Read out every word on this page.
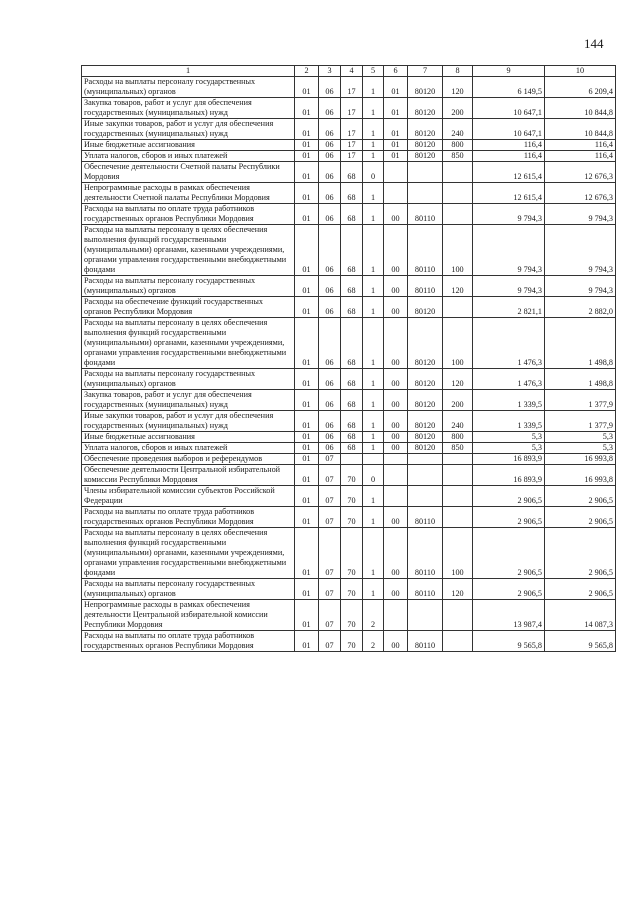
144
1	2	3	4	5	6	7	8	9	10
Расходы на выплаты персоналу государственных (муниципальных) органов	01	06	17	1	01	80120	120	6 149,5	6 209,4
Закупка товаров, работ и услуг для обеспечения государственных (муниципальных) нужд	01	06	17	1	01	80120	200	10 647,1	10 844,8
Иные закупки товаров, работ и услуг для обеспечения государственных (муниципальных) нужд	01	06	17	1	01	80120	240	10 647,1	10 844,8
Иные бюджетные ассигнования	01	06	17	1	01	80120	800	116,4	116,4
Уплата налогов, сборов и иных платежей	01	06	17	1	01	80120	850	116,4	116,4
Обеспечение деятельности Счетной палаты Республики Мордовия	01	06	68	0				12 615,4	12 676,3
Непрограммные расходы в рамках обеспечения деятельности Счетной палаты Республики Мордовия	01	06	68	1				12 615,4	12 676,3
Расходы на выплаты по оплате труда работников государственных органов Республики Мордовия	01	06	68	1	00	80110		9 794,3	9 794,3
Расходы на выплаты персоналу в целях обеспечения выполнения функций государственными (муниципальными) органами, казенными учреждениями, органами управления государственными внебюджетными фондами	01	06	68	1	00	80110	100	9 794,3	9 794,3
Расходы на выплаты персоналу государственных (муниципальных) органов	01	06	68	1	00	80110	120	9 794,3	9 794,3
Расходы на обеспечение функций государственных органов Республики Мордовия	01	06	68	1	00	80120		2 821,1	2 882,0
Расходы на выплаты персоналу в целях обеспечения выполнения функций государственными (муниципальными) органами, казенными учреждениями, органами управления государственными внебюджетными фондами	01	06	68	1	00	80120	100	1 476,3	1 498,8
Расходы на выплаты персоналу государственных (муниципальных) органов	01	06	68	1	00	80120	120	1 476,3	1 498,8
Закупка товаров, работ и услуг для обеспечения государственных (муниципальных) нужд	01	06	68	1	00	80120	200	1 339,5	1 377,9
Иные закупки товаров, работ и услуг для обеспечения государственных (муниципальных) нужд	01	06	68	1	00	80120	240	1 339,5	1 377,9
Иные бюджетные ассигнования	01	06	68	1	00	80120	800	5,3	5,3
Уплата налогов, сборов и иных платежей	01	06	68	1	00	80120	850	5,3	5,3
Обеспечение проведения выборов и референдумов	01	07						16 893,9	16 993,8
Обеспечение деятельности Центральной избирательной комиссии Республики Мордовия	01	07	70	0				16 893,9	16 993,8
Члены избирательной комиссии субъектов Российской Федерации	01	07	70	1				2 906,5	2 906,5
Расходы на выплаты по оплате труда работников государственных органов Республики Мордовия	01	07	70	1	00	80110		2 906,5	2 906,5
Расходы на выплаты персоналу в целях обеспечения выполнения функций государственными (муниципальными) органами, казенными учреждениями, органами управления государственными внебюджетными фондами	01	07	70	1	00	80110	100	2 906,5	2 906,5
Расходы на выплаты персоналу государственных (муниципальных) органов	01	07	70	1	00	80110	120	2 906,5	2 906,5
Непрограммные расходы в рамках обеспечения деятельности Центральной избирательной комиссии Республики Мордовия	01	07	70	2				13 987,4	14 087,3
Расходы на выплаты по оплате труда работников государственных органов Республики Мордовия	01	07	70	2	00	80110		9 565,8	9 565,8
